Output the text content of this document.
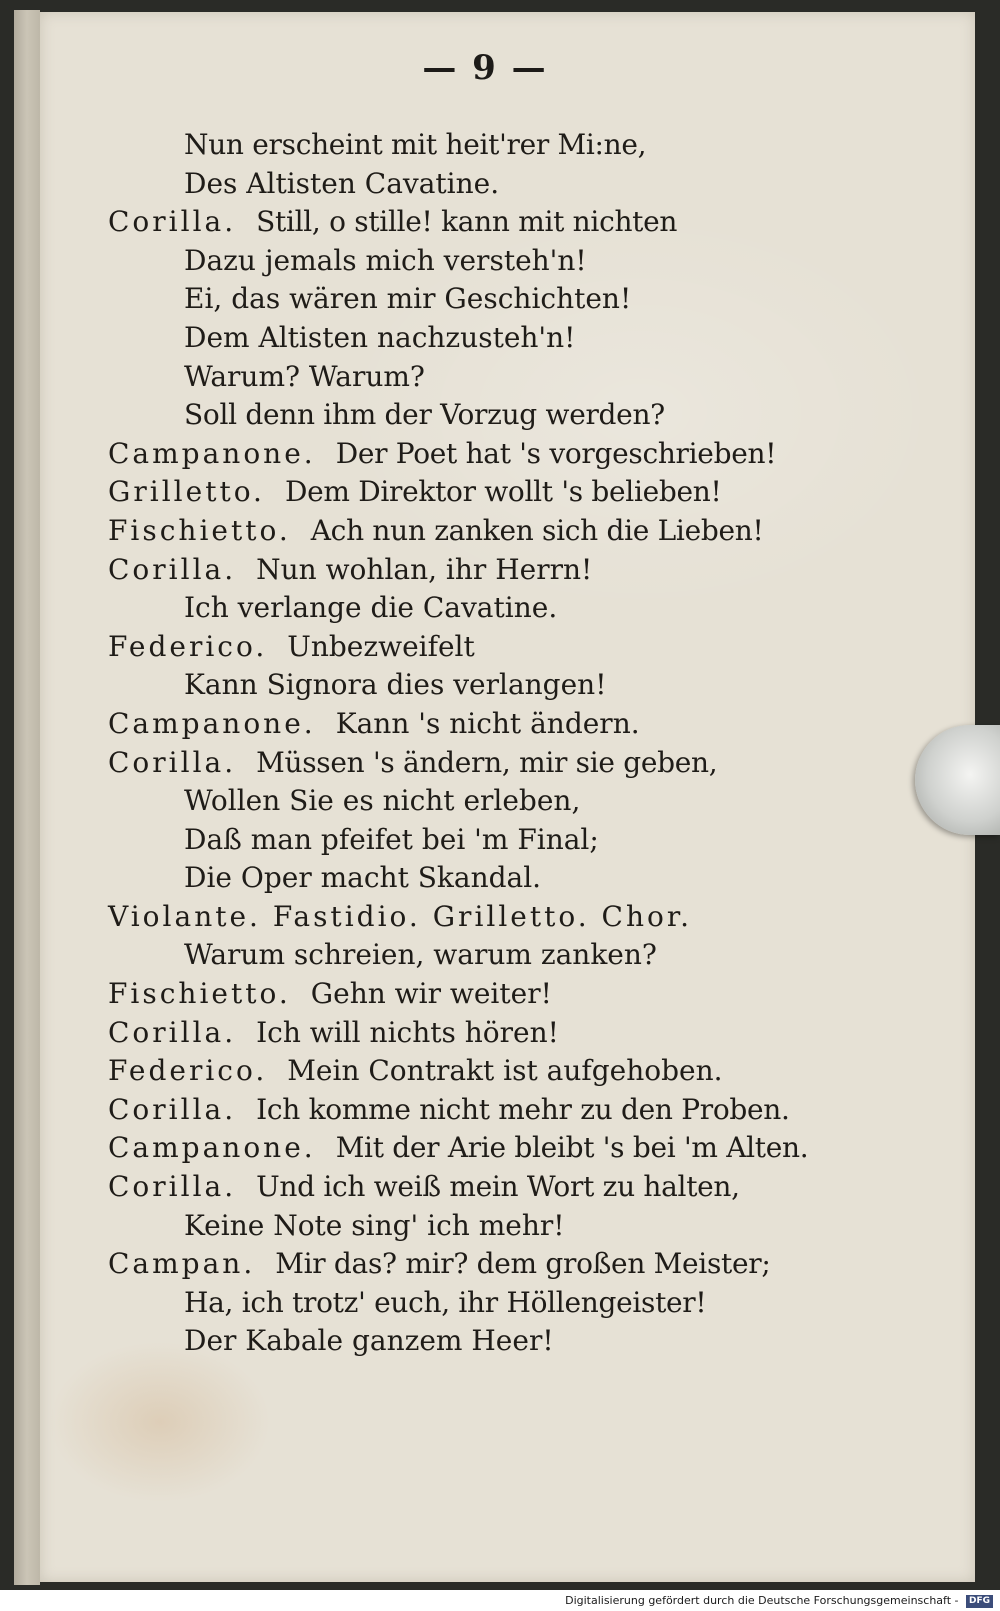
— 9 —
Nun erscheint mit heit'rer Mi:ne,
Des Altisten Cavatine.
Corilla. Still, o stille! kann mit nichten
Dazu jemals mich versteh'n!
Ei, das wären mir Geschichten!
Dem Altisten nachzusteh'n!
Warum? Warum?
Soll denn ihm der Vorzug werden?
Campanone. Der Poet hat 's vorgeschrieben!
Grilletto. Dem Direktor wollt 's belieben!
Fischietto. Ach nun zanken sich die Lieben!
Corilla. Nun wohlan, ihr Herrn!
Ich verlange die Cavatine.
Federico. Unbezweifelt
Kann Signora dies verlangen!
Campanone. Kann 's nicht ändern.
Corilla. Müssen 's ändern, mir sie geben,
Wollen Sie es nicht erleben,
Daß man pfeifet bei 'm Final;
Die Oper macht Skandal.
Violante. Fastidio. Grilletto. Chor.
Warum schreien, warum zanken?
Fischietto. Gehn wir weiter!
Corilla. Ich will nichts hören!
Federico. Mein Contrakt ist aufgehoben.
Corilla. Ich komme nicht mehr zu den Proben.
Campanone. Mit der Arie bleibt 's bei 'm Alten.
Corilla. Und ich weiß mein Wort zu halten,
Keine Note sing' ich mehr!
Campan. Mir das? mir? dem großen Meister;
Ha, ich trotz' euch, ihr Höllengeister!
Der Kabale ganzem Heer!
Digitalisierung gefördert durch die Deutsche Forschungsgemeinschaft - DFG
